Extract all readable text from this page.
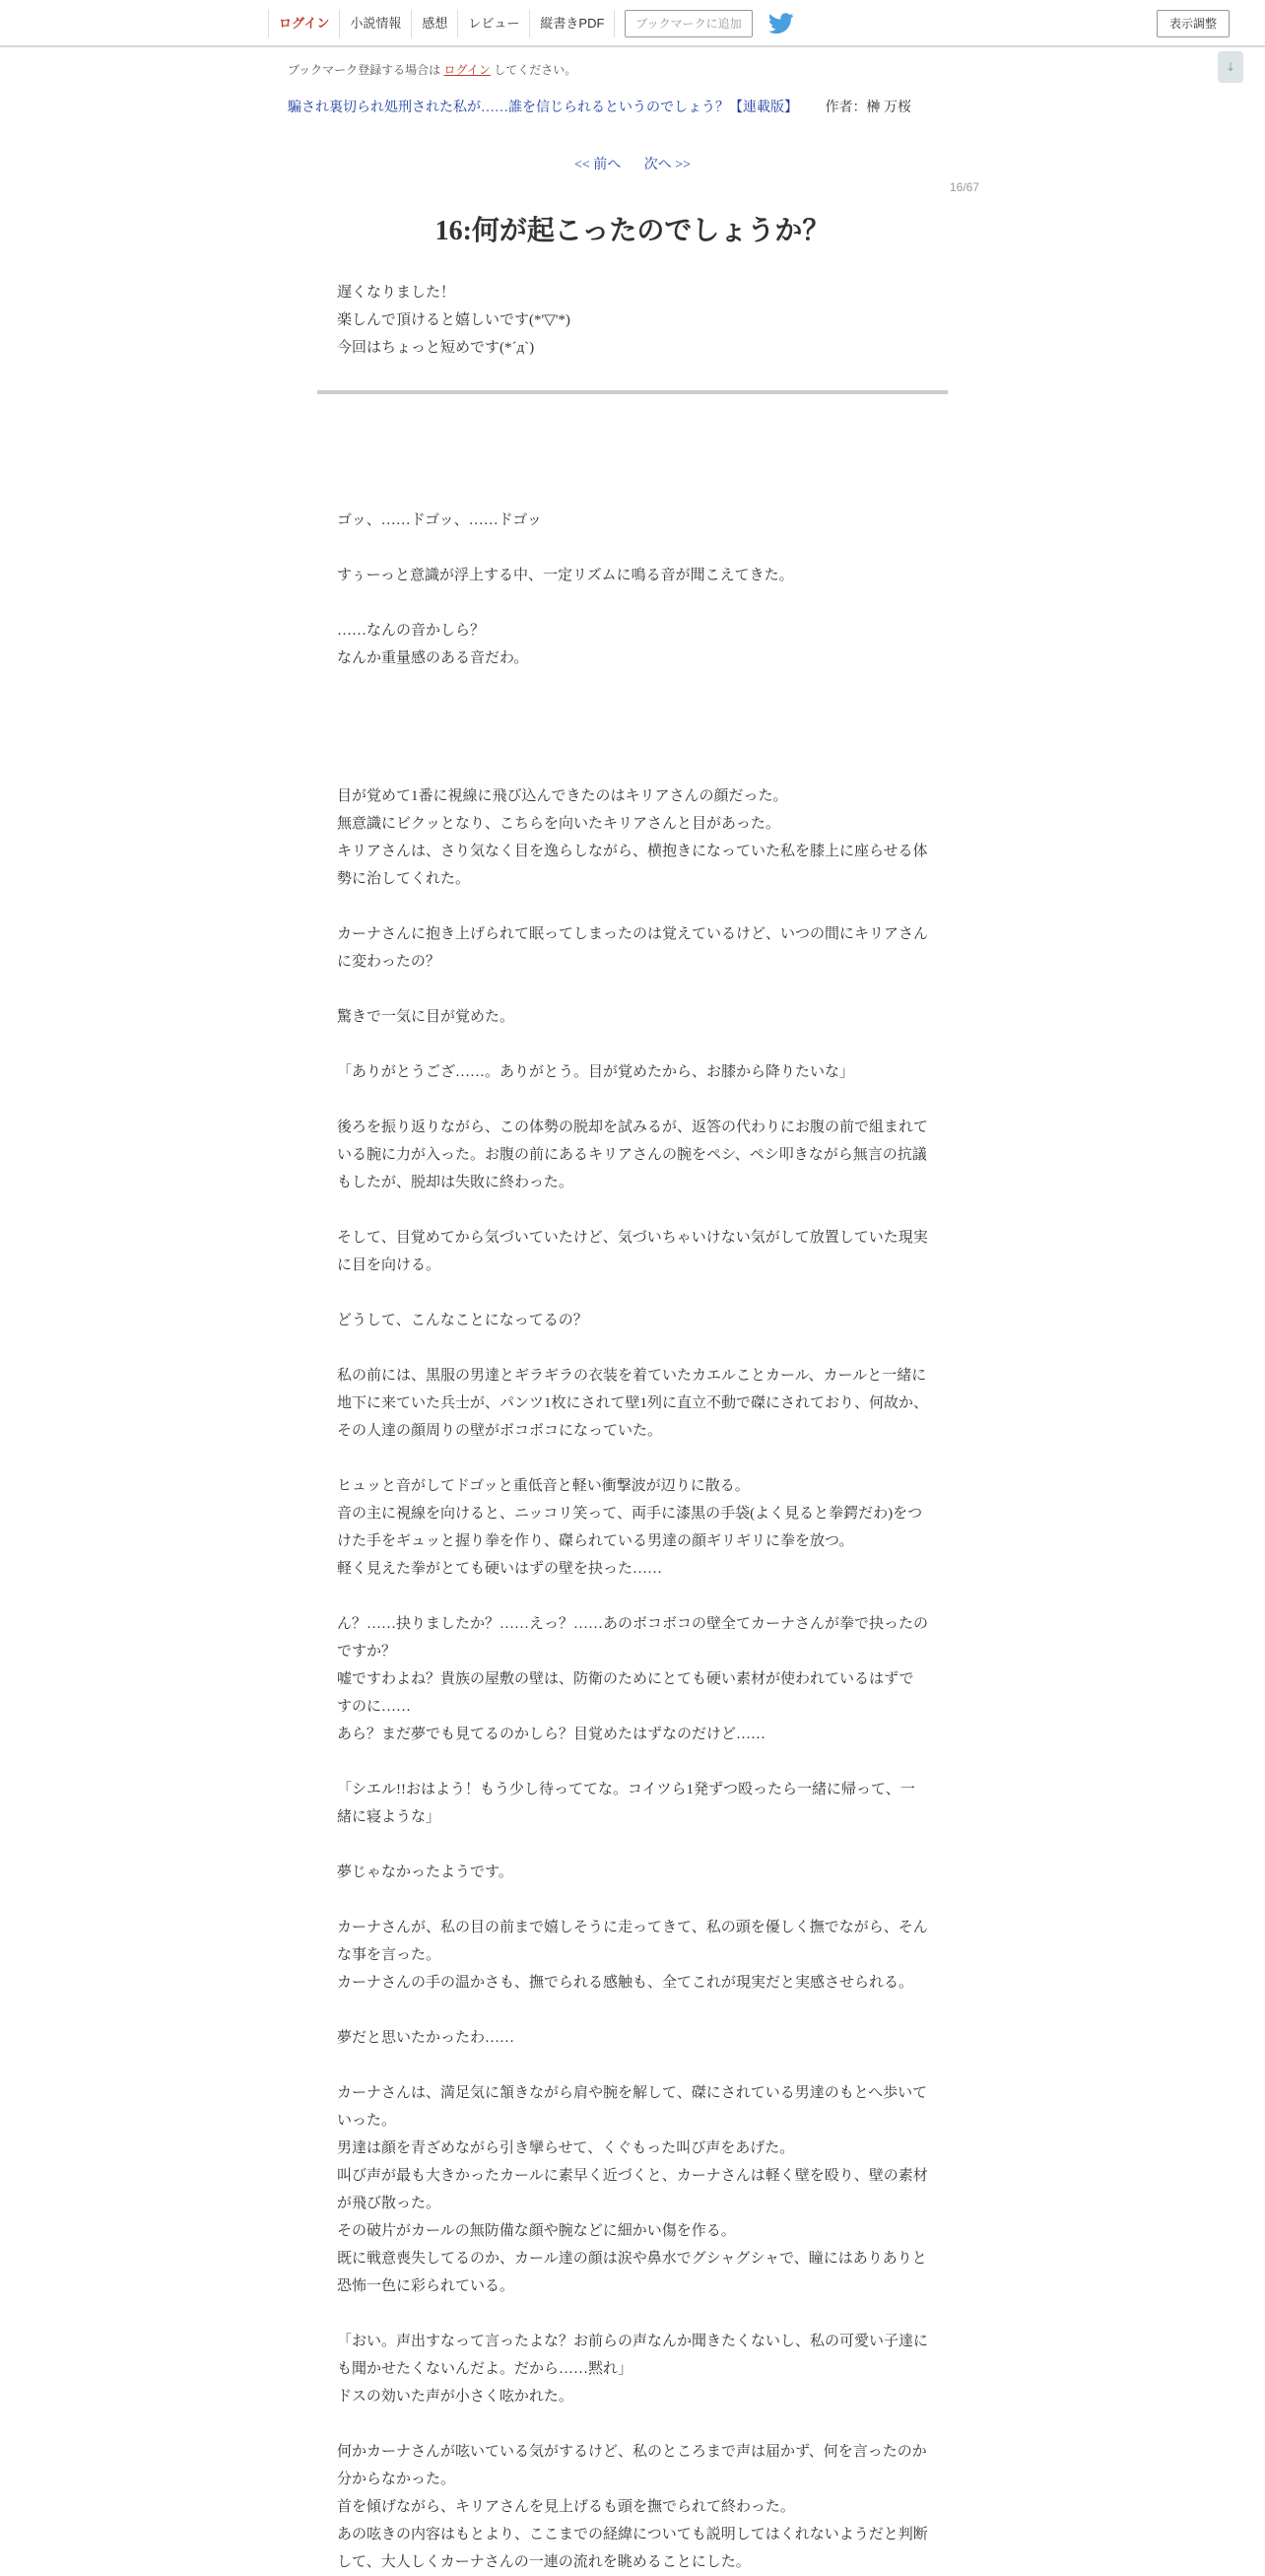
ログイン	小説情報	感想	レビュー	縦書きPDF	ブックマークに追加	表示調整
↓
ブックマーク登録する場合は ログイン してください。
騙され裏切られ処刑された私が……誰を信じられるというのでしょう？【連載版】 作者：榊 万桜
<< 前へ 次へ >>
16/67
16:何が起こったのでしょうか？

遅くなりました！

楽しんで頂けると嬉しいです(*'▽'*)

今回はちょっと短めです(*´д`)

ゴッ、……ドゴッ、……ドゴッ

すぅーっと意識が浮上する中、一定リズムに鳴る音が聞こえてきた。

……なんの音かしら？

なんか重量感のある音だわ。

目が覚めて1番に視線に飛び込んできたのはキリアさんの顔だった。

無意識にビクッとなり、こちらを向いたキリアさんと目があった。

キリアさんは、さり気なく目を逸らしながら、横抱きになっていた私を膝上に座らせる体勢に治してくれた。

カーナさんに抱き上げられて眠ってしまったのは覚えているけど、いつの間にキリアさんに変わったの？

驚きで一気に目が覚めた。

「ありがとうござ……。ありがとう。目が覚めたから、お膝から降りたいな」

後ろを振り返りながら、この体勢の脱却を試みるが、返答の代わりにお腹の前で組まれている腕に力が入った。お腹の前にあるキリアさんの腕をペシ、ペシ叩きながら無言の抗議もしたが、脱却は失敗に終わった。

そして、目覚めてから気づいていたけど、気づいちゃいけない気がして放置していた現実に目を向ける。

どうして、こんなことになってるの？

私の前には、黒服の男達とギラギラの衣装を着ていたカエルことカール、カールと一緒に地下に来ていた兵士が、パンツ1枚にされて壁1列に直立不動で磔にされており、何故か、その人達の顔周りの壁がボコボコになっていた。

ヒュッと音がしてドゴッと重低音と軽い衝撃波が辺りに散る。

音の主に視線を向けると、ニッコリ笑って、両手に漆黒の手袋(よく見ると拳鍔だわ)をつけた手をギュッと握り拳を作り、磔られている男達の顔ギリギリに拳を放つ。

軽く見えた拳がとても硬いはずの壁を抉った……

ん？……抉りましたか？……えっ？……あのボコボコの壁全てカーナさんが拳で抉ったのですか？

嘘ですわよね？貴族の屋敷の壁は、防衛のためにとても硬い素材が使われているはずですのに……

あら？まだ夢でも見てるのかしら？目覚めたはずなのだけど……

「シエル!!おはよう！もう少し待っててな。コイツら1発ずつ殴ったら一緒に帰って、一緒に寝ような」

夢じゃなかったようです。

カーナさんが、私の目の前まで嬉しそうに走ってきて、私の頭を優しく撫でながら、そんな事を言った。

カーナさんの手の温かさも、撫でられる感触も、全てこれが現実だと実感させられる。

夢だと思いたかったわ……

カーナさんは、満足気に頷きながら肩や腕を解して、磔にされている男達のもとへ歩いていった。

男達は顔を青ざめながら引き攣らせて、くぐもった叫び声をあげた。

叫び声が最も大きかったカールに素早く近づくと、カーナさんは軽く壁を殴り、壁の素材が飛び散った。

その破片がカールの無防備な顔や腕などに細かい傷を作る。

既に戦意喪失してるのか、カール達の顔は涙や鼻水でグシャグシャで、瞳にはありありと恐怖一色に彩られている。

「おい。声出すなって言ったよな？お前らの声なんか聞きたくないし、私の可愛い子達にも聞かせたくないんだよ。だから……黙れ」

ドスの効いた声が小さく呟かれた。

何かカーナさんが呟いている気がするけど、私のところまで声は届かず、何を言ったのか分からなかった。

首を傾げながら、キリアさんを見上げるも頭を撫でられて終わった。

あの呟きの内容はもとより、ここまでの経緯についても説明してはくれないようだと判断して、大人しくカーナさんの一連の流れを眺めることにした。
